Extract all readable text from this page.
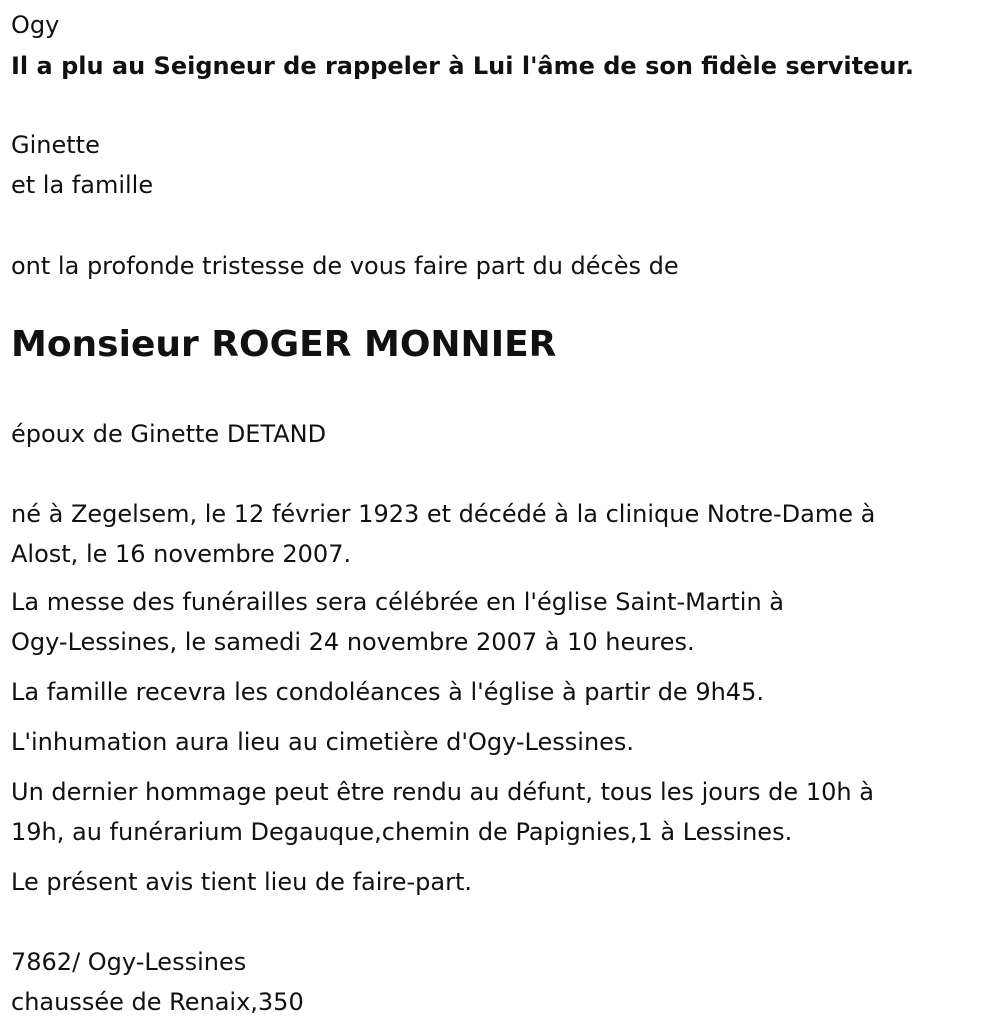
Ogy
Il a plu au Seigneur de rappeler à Lui l'âme de son fidèle serviteur.
Ginette
et la famille
ont la profonde tristesse de vous faire part du décès de
Monsieur ROGER MONNIER
époux de Ginette DETAND
né à Zegelsem, le 12 février 1923 et décédé à la clinique Notre-Dame à
Alost, le 16 novembre 2007.
La messe des funérailles sera célébrée en l'église Saint-Martin à
Ogy-Lessines, le samedi 24 novembre 2007 à 10 heures.
La famille recevra les condoléances à l'église à partir de 9h45.
L'inhumation aura lieu au cimetière d'Ogy-Lessines.
Un dernier hommage peut être rendu au défunt, tous les jours de 10h à
19h, au funérarium Degauque,chemin de Papignies,1 à Lessines.
Le présent avis tient lieu de faire-part.
7862/ Ogy-Lessines
chaussée de Renaix,350
